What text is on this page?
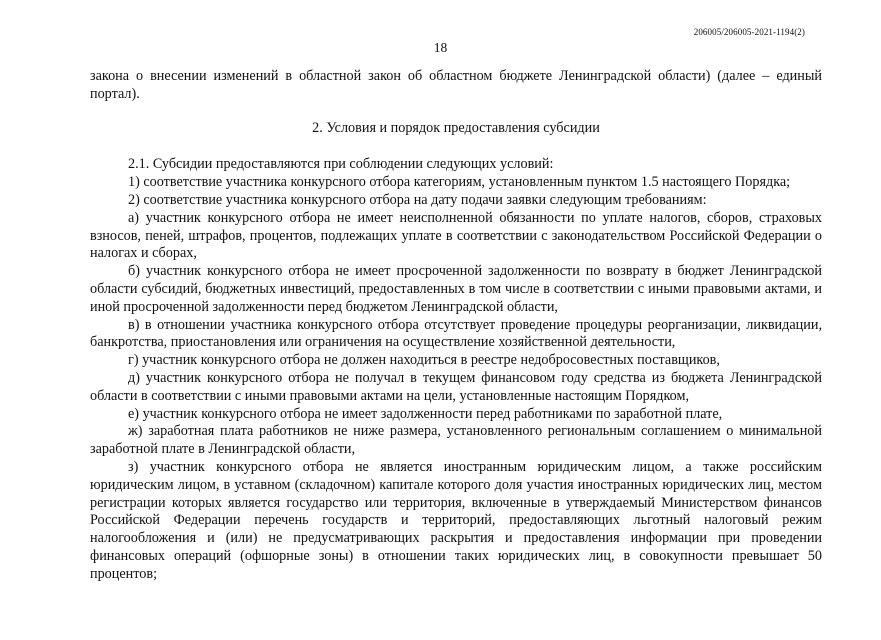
206005/206005-2021-1194(2)
18

закона о внесении изменений в областной закон об областном бюджете Ленинградской области) (далее – единый портал).

2. Условия и порядок предоставления субсидии

2.1. Субсидии предоставляются при соблюдении следующих условий:

1) соответствие участника конкурсного отбора категориям, установленным пунктом 1.5 настоящего Порядка;

2) соответствие участника конкурсного отбора на дату подачи заявки следующим требованиям:

а) участник конкурсного отбора не имеет неисполненной обязанности по уплате налогов, сборов, страховых взносов, пеней, штрафов, процентов, подлежащих уплате в соответствии с законодательством Российской Федерации о налогах и сборах,

б) участник конкурсного отбора не имеет просроченной задолженности по возврату в бюджет Ленинградской области субсидий, бюджетных инвестиций, предоставленных в том числе в соответствии с иными правовыми актами, и иной просроченной задолженности перед бюджетом Ленинградской области,

в) в отношении участника конкурсного отбора отсутствует проведение процедуры реорганизации, ликвидации, банкротства, приостановления или ограничения на осуществление хозяйственной деятельности,

г) участник конкурсного отбора не должен находиться в реестре недобросовестных поставщиков,

д) участник конкурсного отбора не получал в текущем финансовом году средства из бюджета Ленинградской области в соответствии с иными правовыми актами на цели, установленные настоящим Порядком,

е) участник конкурсного отбора не имеет задолженности перед работниками по заработной плате,

ж) заработная плата работников не ниже размера, установленного региональным соглашением о минимальной заработной плате в Ленинградской области,

з) участник конкурсного отбора не является иностранным юридическим лицом, а также российским юридическим лицом, в уставном (складочном) капитале которого доля участия иностранных юридических лиц, местом регистрации которых является государство или территория, включенные в утверждаемый Министерством финансов Российской Федерации перечень государств и территорий, предоставляющих льготный налоговый режим налогообложения и (или) не предусматривающих раскрытия и предоставления информации при проведении финансовых операций (офшорные зоны) в отношении таких юридических лиц, в совокупности превышает 50 процентов;
